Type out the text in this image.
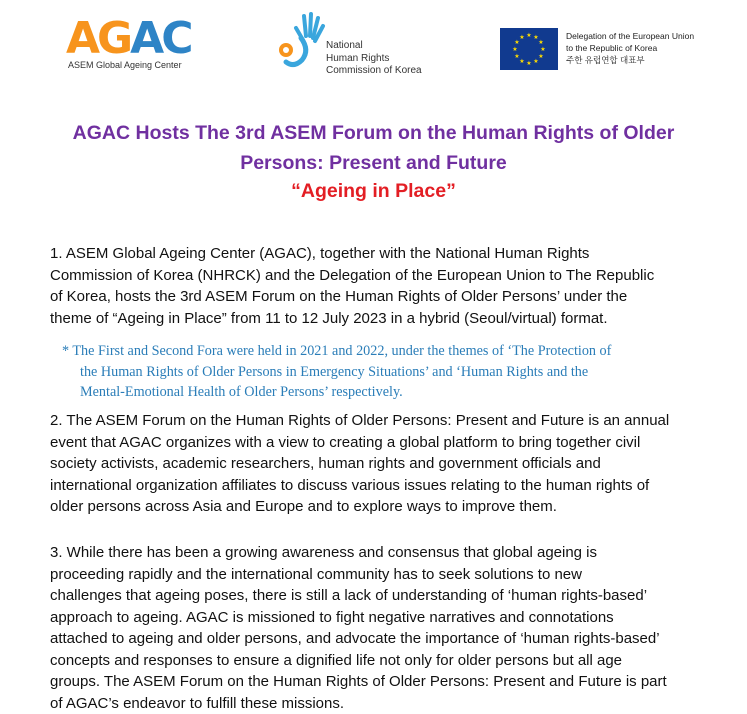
AGAC
ASEM Global Ageing Center
National
Human Rights
Commission of Korea
★ ★
★
★
★
★
★
★
★
★
★
★	Delegation of the European Union
to the Republic of Korea
주한 유럽연합 대표부
AGAC Hosts The 3rd ASEM Forum on the Human Rights of Older
Persons: Present and Future
“Ageing in Place”
1. ASEM Global Ageing Center (AGAC), together with the National Human Rights
Commission of Korea (NHRCK) and the Delegation of the European Union to The Republic
of Korea, hosts the 3rd ASEM Forum on the Human Rights of Older Persons’ under the
theme of “Ageing in Place” from 11 to 12 July 2023 in a hybrid (Seoul/virtual) format.
* The First and Second Fora were held in 2021 and 2022, under the themes of ‘The Protection of
the Human Rights of Older Persons in Emergency Situations’ and ‘Human Rights and the
Mental-Emotional Health of Older Persons’ respectively.
2. The ASEM Forum on the Human Rights of Older Persons: Present and Future is an annual
event that AGAC organizes with a view to creating a global platform to bring together civil
society activists, academic researchers, human rights and government officials and
international organization affiliates to discuss various issues relating to the human rights of
older persons across Asia and Europe and to explore ways to improve them.
3. While there has been a growing awareness and consensus that global ageing is
proceeding rapidly and the international community has to seek solutions to new
challenges that ageing poses, there is still a lack of understanding of ‘human rights-based’
approach to ageing. AGAC is missioned to fight negative narratives and connotations
attached to ageing and older persons, and advocate the importance of ‘human rights-based’
concepts and responses to ensure a dignified life not only for older persons but all age
groups. The ASEM Forum on the Human Rights of Older Persons: Present and Future is part
of AGAC’s endeavor to fulfill these missions.
